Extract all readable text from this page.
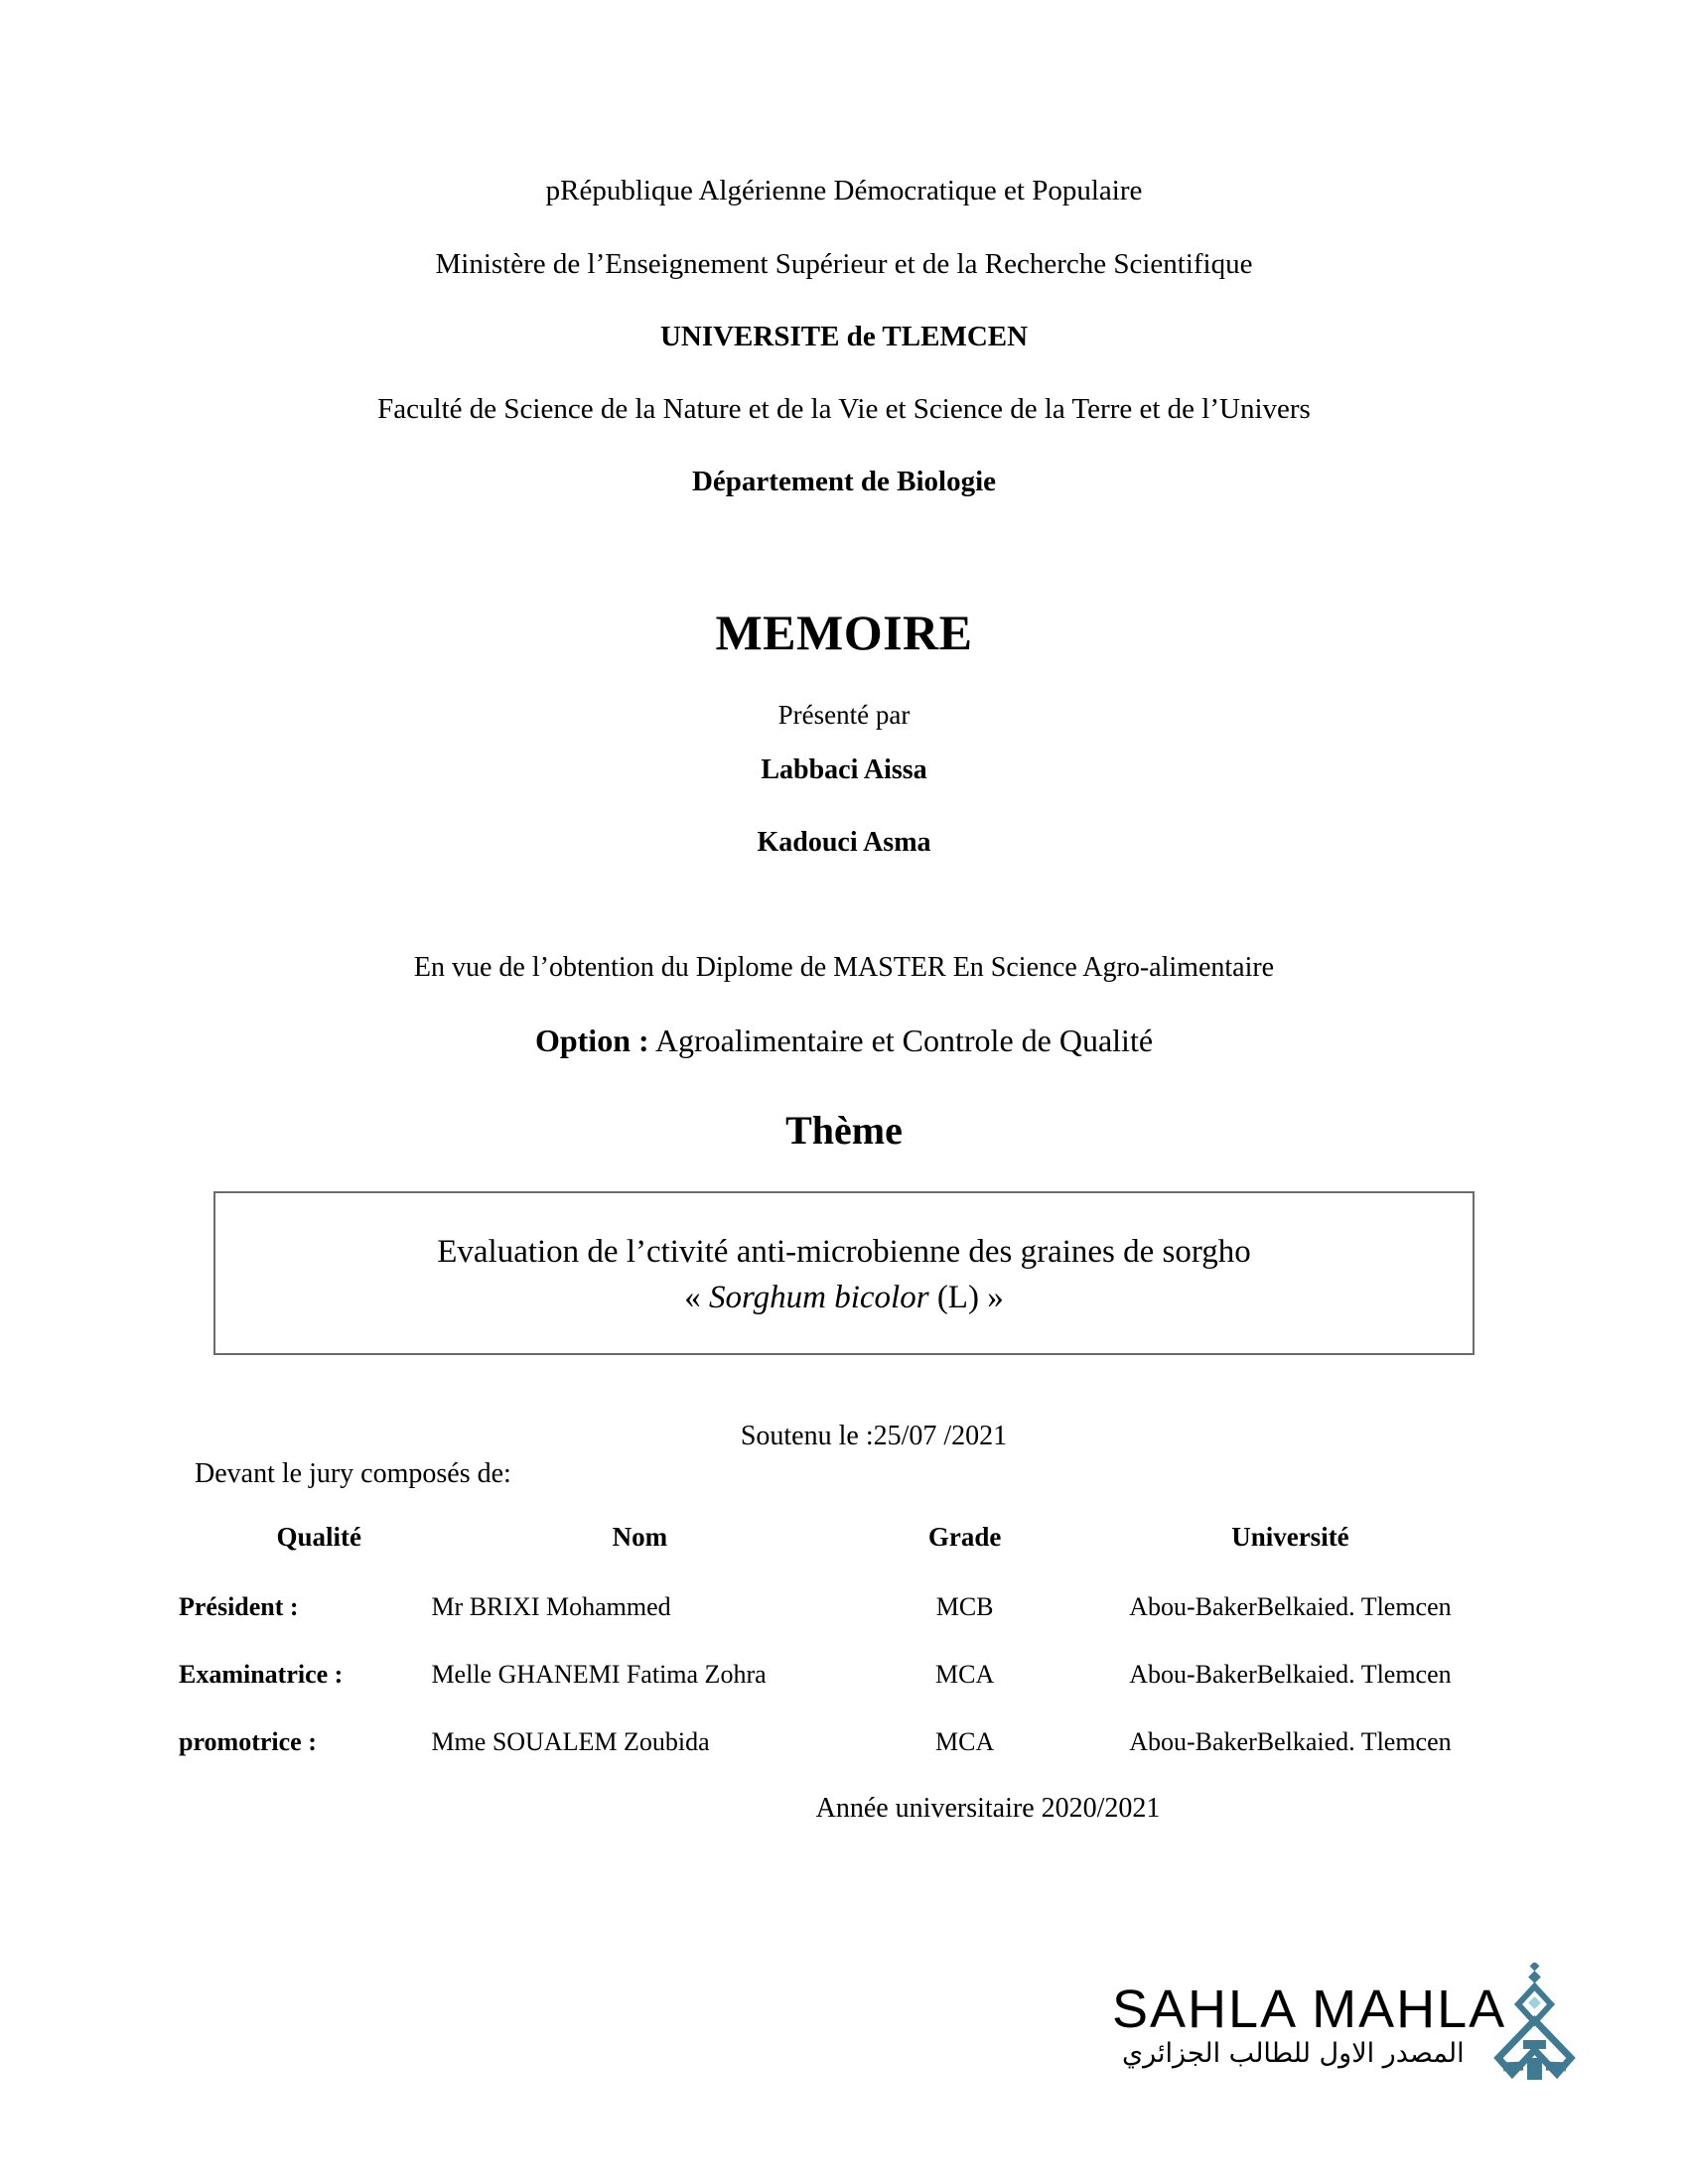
pRépublique Algérienne Démocratique et Populaire
Ministère de l’Enseignement Supérieur et de la Recherche Scientifique
UNIVERSITE de TLEMCEN
Faculté de Science de la Nature et de la Vie et Science de la Terre et de l’Univers
Département de Biologie
MEMOIRE
Présenté par
Labbaci Aissa
Kadouci Asma
En vue de l’obtention du Diplome de MASTER En Science Agro-alimentaire
Option : Agroalimentaire et Controle de Qualité
Thème
Evaluation de l’ctivité anti-microbienne des graines de sorgho
« Sorghum bicolor (L) »
Soutenu le :25/07 /2021
Devant le jury composés de:
Qualité	Nom	Grade	Université
Président :	Mr BRIXI Mohammed	MCB	Abou-BakerBelkaied. Tlemcen
Examinatrice :	Melle GHANEMI Fatima Zohra	MCA	Abou-BakerBelkaied. Tlemcen
promotrice :	Mme SOUALEM Zoubida	MCA	Abou-BakerBelkaied. Tlemcen
Année universitaire 2020/2021
SAHLA MAHLA
المصدر الاول للطالب الجزائري
